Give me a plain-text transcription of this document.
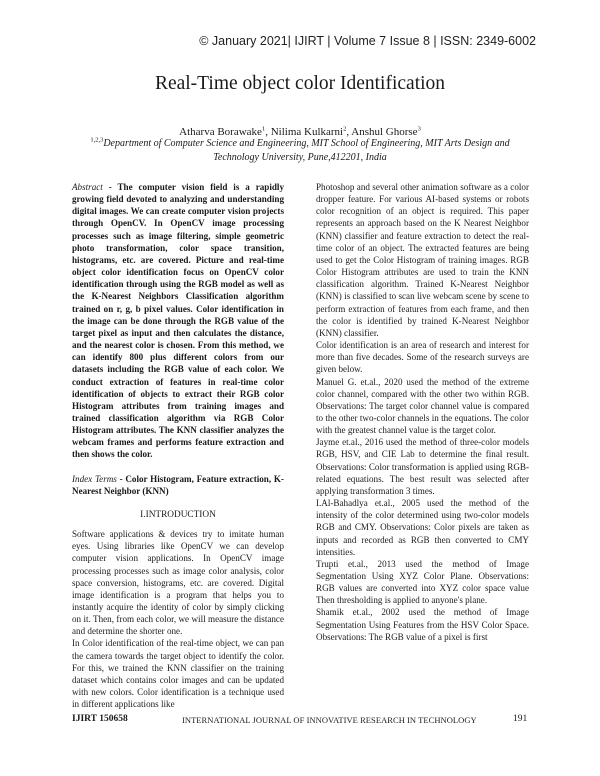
© January 2021| IJIRT | Volume 7 Issue 8 | ISSN: 2349-6002
Real-Time object color Identification
Atharva Borawake$^1$, Nilima Kulkarni$^2$, Anshul Ghorse$^3$
$^{1,2,3}$Department of Computer Science and Engineering, MIT School of Engineering, MIT Arts Design and Technology University, Pune,412201, India

Abstract - The computer vision field is a rapidly growing field devoted to analyzing and understanding digital images. We can create computer vision projects through OpenCV. In OpenCV image processing processes such as image filtering, simple geometric photo transformation, color space transition, histograms, etc. are covered. Picture and real-time object color identification focus on OpenCV color identification through using the RGB model as well as the K-Nearest Neighbors Classification algorithm trained on r, g, b pixel values. Color identification in the image can be done through the RGB value of the target pixel as input and then calculates the distance, and the nearest color is chosen. From this method, we can identify 800 plus different colors from our datasets including the RGB value of each color. We conduct extraction of features in real-time color identification of objects to extract their RGB color Histogram attributes from training images and trained classification algorithm via RGB Color Histogram attributes. The KNN classifier analyzes the webcam frames and performs feature extraction and then shows the color.

Index Terms - Color Histogram, Feature extraction, K-Nearest Neighbor (KNN)

I.INTRODUCTION

Software applications & devices try to imitate human eyes. Using libraries like OpenCV we can develop computer vision applications. In OpenCV image processing processes such as image color analysis, color space conversion, histograms, etc. are covered. Digital image identification is a program that helps you to instantly acquire the identity of color by simply clicking on it. Then, from each color, we will measure the distance and determine the shorter one.

In Color identification of the real-time object, we can pan the camera towards the target object to identify the color. For this, we trained the KNN classifier on the training dataset which contains color images and can be updated with new colors. Color identification is a technique used in different applications like

Photoshop and several other animation software as a color dropper feature. For various AI-based systems or robots color recognition of an object is required. This paper represents an approach based on the K Nearest Neighbor (KNN) classifier and feature extraction to detect the real-time color of an object. The extracted features are being used to get the Color Histogram of training images. RGB Color Histogram attributes are used to train the KNN classification algorithm. Trained K-Nearest Neighbor (KNN) is classified to scan live webcam scene by scene to perform extraction of features from each frame, and then the color is identified by trained K-Nearest Neighbor (KNN) classifier.

Color identification is an area of research and interest for more than five decades. Some of the research surveys are given below.

Manuel G. et.al., 2020 used the method of the extreme color channel, compared with the other two within RGB. Observations: The target color channel value is compared to the other two-color channels in the equations. The color with the greatest channel value is the target color.

Jayme et.al., 2016 used the method of three-color models RGB, HSV, and CIE Lab to determine the final result. Observations: Color transformation is applied using RGB-related equations. The best result was selected after applying transformation 3 times.

I.Al-Bahadlya et.al., 2005 used the method of the intensity of the color determined using two-color models RGB and CMY. Observations: Color pixels are taken as inputs and recorded as RGB then converted to CMY intensities.

Trupti et.al., 2013 used the method of Image Segmentation Using XYZ Color Plane. Observations: RGB values are converted into XYZ color space value Then thresholding is applied to anyone's plane.

Shamik et.al., 2002 used the method of Image Segmentation Using Features from the HSV Color Space. Observations: The RGB value of a pixel is first

IJIRT 150658	INTERNATIONAL JOURNAL OF INNOVATIVE RESEARCH IN TECHNOLOGY	191
